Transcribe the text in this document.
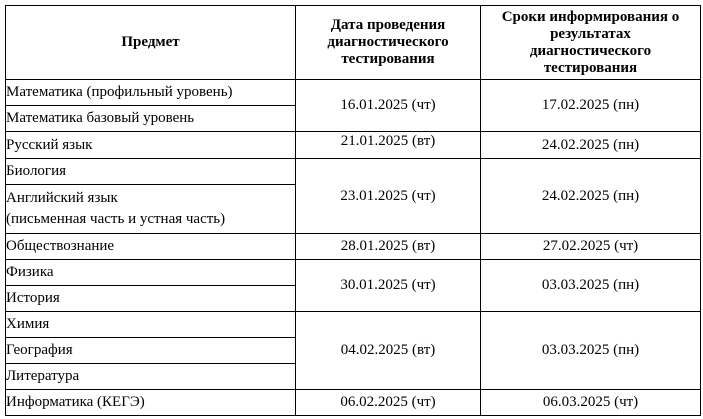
Предмет	Дата проведения диагностического тестирования	Сроки информирования о результатах диагностического тестирования
Математика (профильный уровень)	16.01.2025 (чт)	17.02.2025 (пн)
Математика базовый уровень		
Русский язык	21.01.2025 (вт)	24.02.2025 (пн)
Биология	23.01.2025 (чт)	24.02.2025 (пн)

Английский язык
(письменная часть и устная часть)		

Обществознание	28.01.2025 (вт)	27.02.2025 (чт)
Физика	30.01.2025 (чт)	03.03.2025 (пн)
История		
Химия	04.02.2025 (вт)	03.03.2025 (пн)
География		
Литература		
Информатика (КЕГЭ)	06.02.2025 (чт)	06.03.2025 (чт)
